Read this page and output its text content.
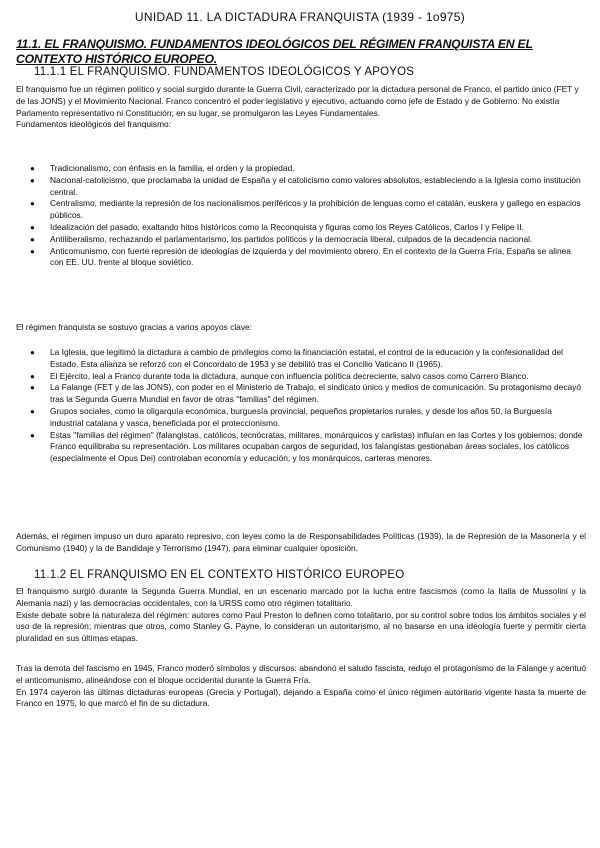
UNIDAD 11. LA DICTADURA FRANQUISTA (1939 - 1o975)
11.1. EL FRANQUISMO. FUNDAMENTOS IDEOLÓGICOS DEL RÉGIMEN FRANQUISTA EN EL CONTEXTO HISTÓRICO EUROPEO.
11.1.1 EL FRANQUISMO. FUNDAMENTOS IDEOLÓGICOS Y APOYOS

El franquismo fue un régimen político y social surgido durante la Guerra Civil, caracterizado por la dictadura personal de Franco, el partido único (FET y de las JONS) y el Movimiento Nacional. Franco concentró el poder legislativo y ejecutivo, actuando como jefe de Estado y de Gobierno. No existía Parlamento representativo ni Constitución; en su lugar, se promulgaron las Leyes Fundamentales.

Fundamentos ideológicos del franquismo:

● Tradicionalismo, con énfasis en la familia, el orden y la propiedad.
● Nacional-catolicismo, que proclamaba la unidad de España y el catolicismo como valores absolutos, estableciendo a la Iglesia como institución central.
● Centralismo, mediante la represión de los nacionalismos periféricos y la prohibición de lenguas como el catalán, euskera y gallego en espacios públicos.
● Idealización del pasado, exaltando hitos históricos como la Reconquista y figuras como los Reyes Católicos, Carlos I y Felipe II.
● Antiliberalismo, rechazando el parlamentarismo, los partidos políticos y la democracia liberal, culpados de la decadencia nacional.
● Anticomunismo, con fuerte represión de ideologías de izquierda y del movimiento obrero. En el contexto de la Guerra Fría, España se alinea con EE. UU. frente al bloque soviético.
El régimen franquista se sostuvo gracias a varios apoyos clave:
● La Iglesia, que legitimó la dictadura a cambio de privilegios como la financiación estatal, el control de la educación y la confesionalidad del Estado. Esta alianza se reforzó con el Concordato de 1953 y se debilitó tras el Concilio Vaticano II (1965).
● El Ejército, leal a Franco durante toda la dictadura, aunque con influencia política decreciente, salvo casos como Carrero Blanco.
● La Falange (FET y de las JONS), con poder en el Ministerio de Trabajo, el sindicato único y medios de comunicación. Su protagonismo decayó tras la Segunda Guerra Mundial en favor de otras "familias" del régimen.
● Grupos sociales, como la oligarquía económica, burguesía provincial, pequeños propietarios rurales, y desde los años 50, la Burguesía industrial catalana y vasca, beneficiada por el proteccionismo.
● Estas "familias del régimen" (falangistas, católicos, tecnócratas, militares, monárquicos y carlistas) influían en las Cortes y los gobiernos, donde Franco equilibraba su representación. Los militares ocupaban cargos de seguridad, los falangistas gestionaban áreas sociales, los católicos (especialmente el Opus Dei) controlaban economía y educación, y los monárquicos, carteras menores.
Además, el régimen impuso un duro aparato represivo, con leyes como la de Responsabilidades Políticas (1939), la de Represión de la Masonería y el Comunismo (1940) y la de Bandidaje y Terrorismo (1947), para eliminar cualquier oposición.
11.1.2 EL FRANQUISMO EN EL CONTEXTO HISTÓRICO EUROPEO

El franquismo surgió durante la Segunda Guerra Mundial, en un escenario marcado por la lucha entre fascismos (como la Italia de Mussolini y la Alemania nazi) y las democracias occidentales, con la URSS como otro régimen totalitario.

Existe debate sobre la naturaleza del régimen: autores como Paul Preston lo definen como totalitario, por su control sobre todos los ámbitos sociales y el uso de la represión; mientras que otros, como Stanley G. Payne, lo consideran un autoritarismo, al no basarse en una ideología fuerte y permitir cierta pluralidad en sus últimas etapas.

Tras la derrota del fascismo en 1945, Franco moderó símbolos y discursos: abandonó el saludo fascista, redujo el protagonismo de la Falange y acentuó el anticomunismo, alineándose con el bloque occidental durante la Guerra Fría.

En 1974 cayeron las últimas dictaduras europeas (Grecia y Portugal), dejando a España como el único régimen autoritario vigente hasta la muerte de Franco en 1975, lo que marcó el fin de su dictadura.
